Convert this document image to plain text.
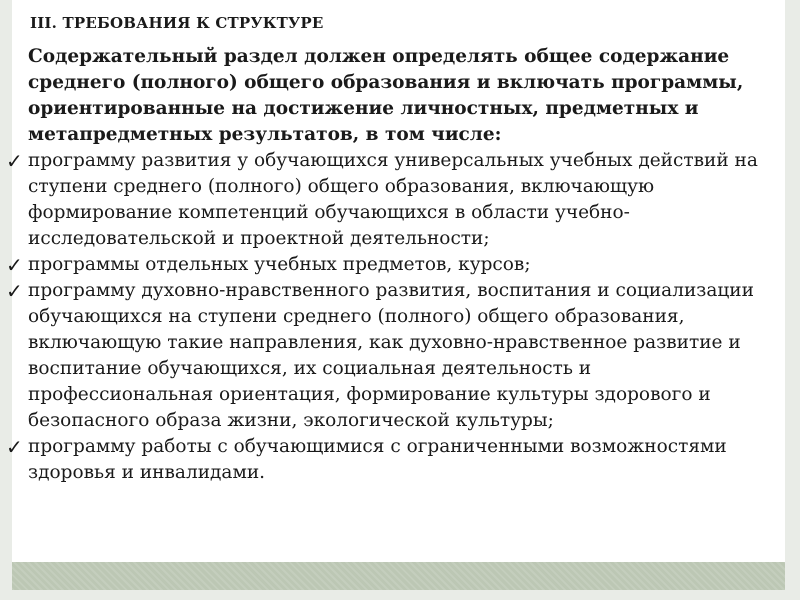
III. ТРЕБОВАНИЯ К СТРУКТУРЕ

Содержательный раздел должен определять общее содержание среднего (полного) общего образования и включать программы, ориентированные на достижение личностных, предметных и метапредметных результатов, в том числе:

✓ программу развития у обучающихся универсальных учебных действий на ступени среднего (полного) общего образования, включающую формирование компетенций обучающихся в области учебно-исследовательской и проектной деятельности;
✓ программы отдельных учебных предметов, курсов;
✓ программу духовно-нравственного развития, воспитания и социализации обучающихся на ступени среднего (полного) общего образования, включающую такие направления, как духовно-нравственное развитие и воспитание обучающихся, их социальная деятельность и профессиональная ориентация, формирование культуры здорового и безопасного образа жизни, экологической культуры;
✓ программу работы с обучающимися с ограниченными возможностями здоровья и инвалидами.
